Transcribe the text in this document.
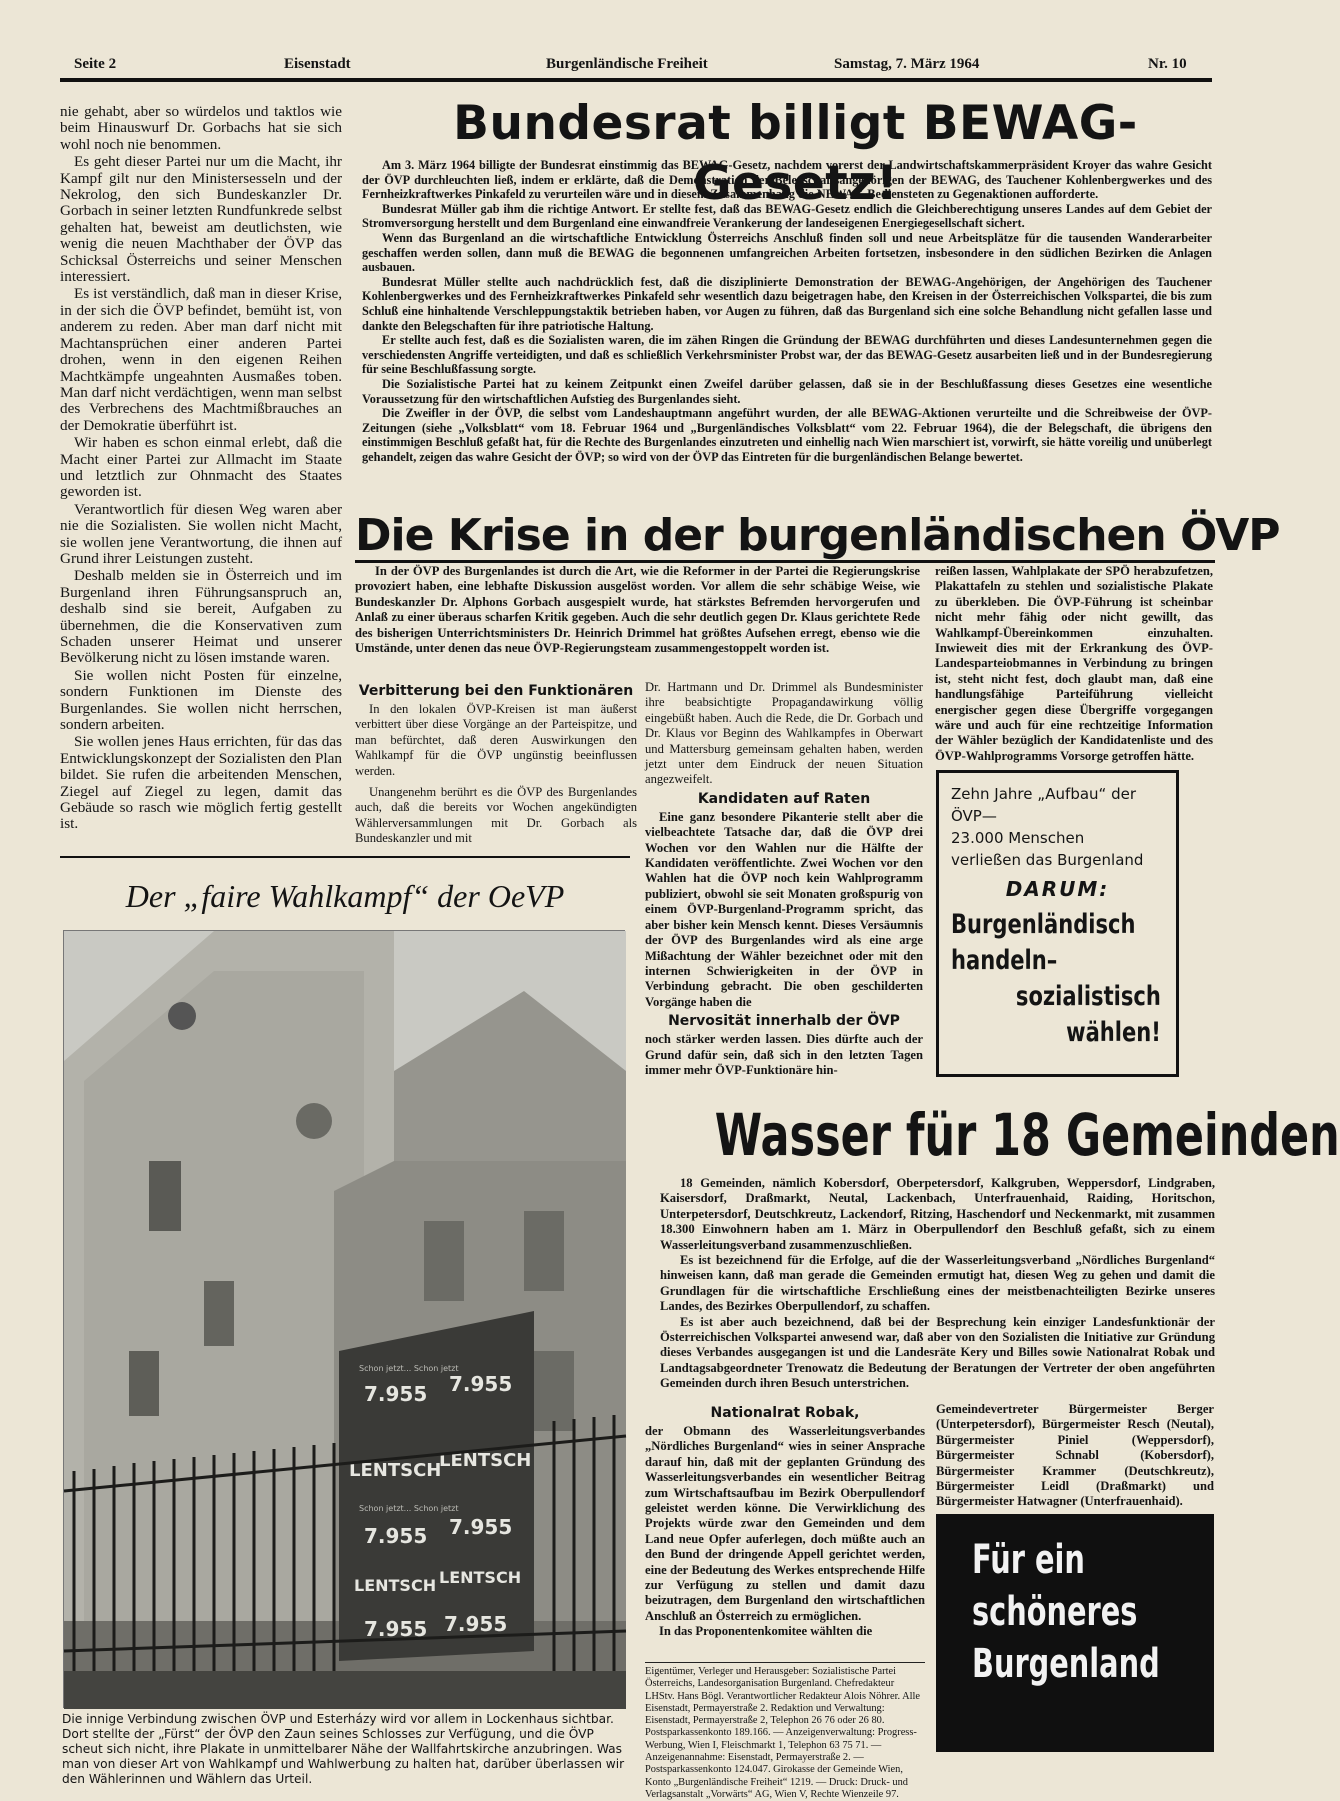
Seite 2	Eisenstadt	Burgenländische Freiheit	Samstag, 7. März 1964	Nr. 10

nie gehabt, aber so würdelos und taktlos wie beim Hinauswurf Dr. Gorbachs hat sie sich wohl noch nie benommen.

Es geht dieser Partei nur um die Macht, ihr Kampf gilt nur den Ministersesseln und der Nekrolog, den sich Bundeskanzler Dr. Gorbach in seiner letzten Rundfunkrede selbst gehalten hat, beweist am deutlichsten, wie wenig die neuen Machthaber der ÖVP das Schicksal Österreichs und seiner Menschen interessiert.

Es ist verständlich, daß man in dieser Krise, in der sich die ÖVP befindet, bemüht ist, von anderem zu reden. Aber man darf nicht mit Machtansprüchen einer anderen Partei drohen, wenn in den eigenen Reihen Machtkämpfe ungeahnten Ausmaßes toben. Man darf nicht verdächtigen, wenn man selbst des Verbrechens des Machtmißbrauches an der Demokratie überführt ist.

Wir haben es schon einmal erlebt, daß die Macht einer Partei zur Allmacht im Staate und letztlich zur Ohnmacht des Staates geworden ist.

Verantwortlich für diesen Weg waren aber nie die Sozialisten. Sie wollen nicht Macht, sie wollen jene Verantwortung, die ihnen auf Grund ihrer Leistungen zusteht.

Deshalb melden sie in Österreich und im Burgenland ihren Führungsanspruch an, deshalb sind sie bereit, Aufgaben zu übernehmen, die die Konservativen zum Schaden unserer Heimat und unserer Bevölkerung nicht zu lösen imstande waren.

Sie wollen nicht Posten für einzelne, sondern Funktionen im Dienste des Burgenlandes. Sie wollen nicht herrschen, sondern arbeiten.

Sie wollen jenes Haus errichten, für das das Entwicklungskonzept der Sozialisten den Plan bildet. Sie rufen die arbeitenden Menschen, Ziegel auf Ziegel zu legen, damit das Gebäude so rasch wie möglich fertig gestellt ist.

Bundesrat billigt BEWAG-Gesetz!

Am 3. März 1964 billigte der Bundesrat einstimmig das BEWAG-Gesetz, nachdem vorerst der Landwirtschaftskammerpräsident Kroyer das wahre Gesicht der ÖVP durchleuchten ließ, indem er erklärte, daß die Demonstration der Belegschaftsangehörigen der BEWAG, des Tauchener Kohlenbergwerkes und des Fernheizkraftwerkes Pinkafeld zu verurteilen wäre und in diesem Zusammenhang die NEWAG-Bediensteten zu Gegenaktionen aufforderte.

Bundesrat Müller gab ihm die richtige Antwort. Er stellte fest, daß das BEWAG-Gesetz endlich die Gleichberechtigung unseres Landes auf dem Gebiet der Stromversorgung herstellt und dem Burgenland eine einwandfreie Verankerung der landeseigenen Energiegesellschaft sichert.

Wenn das Burgenland an die wirtschaftliche Entwicklung Österreichs Anschluß finden soll und neue Arbeitsplätze für die tausenden Wanderarbeiter geschaffen werden sollen, dann muß die BEWAG die begonnenen umfangreichen Arbeiten fortsetzen, insbesondere in den südlichen Bezirken die Anlagen ausbauen.

Bundesrat Müller stellte auch nachdrücklich fest, daß die disziplinierte Demonstration der BEWAG-Angehörigen, der Angehörigen des Tauchener Kohlenbergwerkes und des Fernheizkraftwerkes Pinkafeld sehr wesentlich dazu beigetragen habe, den Kreisen in der Österreichischen Volkspartei, die bis zum Schluß eine hinhaltende Verschleppungstaktik betrieben haben, vor Augen zu führen, daß das Burgenland sich eine solche Behandlung nicht gefallen lasse und dankte den Belegschaften für ihre patriotische Haltung.

Er stellte auch fest, daß es die Sozialisten waren, die im zähen Ringen die Gründung der BEWAG durchführten und dieses Landesunternehmen gegen die verschiedensten Angriffe verteidigten, und daß es schließlich Verkehrsminister Probst war, der das BEWAG-Gesetz ausarbeiten ließ und in der Bundesregierung für seine Beschlußfassung sorgte.

Die Sozialistische Partei hat zu keinem Zeitpunkt einen Zweifel darüber gelassen, daß sie in der Beschlußfassung dieses Gesetzes eine wesentliche Voraussetzung für den wirtschaftlichen Aufstieg des Burgenlandes sieht.

Die Zweifler in der ÖVP, die selbst vom Landeshauptmann angeführt wurden, der alle BEWAG-Aktionen verurteilte und die Schreibweise der ÖVP-Zeitungen (siehe „Volksblatt“ vom 18. Februar 1964 und „Burgenländisches Volksblatt“ vom 22. Februar 1964), die der Belegschaft, die übrigens den einstimmigen Beschluß gefaßt hat, für die Rechte des Burgenlandes einzutreten und einhellig nach Wien marschiert ist, vorwirft, sie hätte voreilig und unüberlegt gehandelt, zeigen das wahre Gesicht der ÖVP; so wird von der ÖVP das Eintreten für die burgenländischen Belange bewertet.

Die Krise in der burgenländischen ÖVP

In der ÖVP des Burgenlandes ist durch die Art, wie die Reformer in der Partei die Regierungskrise provoziert haben, eine lebhafte Diskussion ausgelöst worden. Vor allem die sehr schäbige Weise, wie Bundeskanzler Dr. Alphons Gorbach ausgespielt wurde, hat stärkstes Befremden hervorgerufen und Anlaß zu einer überaus scharfen Kritik gegeben. Auch die sehr deutlich gegen Dr. Klaus gerichtete Rede des bisherigen Unterrichtsministers Dr. Heinrich Drimmel hat größtes Aufsehen erregt, ebenso wie die Umstände, unter denen das neue ÖVP-Regierungsteam zusammengestoppelt worden ist.

Verbitterung bei den Funktionären

In den lokalen ÖVP-Kreisen ist man äußerst verbittert über diese Vorgänge an der Parteispitze, und man befürchtet, daß deren Auswirkungen den Wahlkampf für die ÖVP ungünstig beeinflussen werden.

Unangenehm berührt es die ÖVP des Burgenlandes auch, daß die bereits vor Wochen angekündigten Wählerversammlungen mit Dr. Gorbach als Bundeskanzler und mit

Dr. Hartmann und Dr. Drimmel als Bundesminister ihre beabsichtigte Propagandawirkung völlig eingebüßt haben. Auch die Rede, die Dr. Gorbach und Dr. Klaus vor Beginn des Wahlkampfes in Oberwart und Mattersburg gemeinsam gehalten haben, werden jetzt unter dem Eindruck der neuen Situation angezweifelt.

Kandidaten auf Raten

Eine ganz besondere Pikanterie stellt aber die vielbeachtete Tatsache dar, daß die ÖVP drei Wochen vor den Wahlen nur die Hälfte der Kandidaten veröffentlichte. Zwei Wochen vor den Wahlen hat die ÖVP noch kein Wahlprogramm publiziert, obwohl sie seit Monaten großspurig von einem ÖVP-Burgenland-Programm spricht, das aber bisher kein Mensch kennt. Dieses Versäumnis der ÖVP des Burgenlandes wird als eine arge Mißachtung der Wähler bezeichnet oder mit den internen Schwierigkeiten in der ÖVP in Verbindung gebracht. Die oben geschilderten Vorgänge haben die

Nervosität innerhalb der ÖVP

noch stärker werden lassen. Dies dürfte auch der Grund dafür sein, daß sich in den letzten Tagen immer mehr ÖVP-Funktionäre hin-

reißen lassen, Wahlplakate der SPÖ herabzufetzen, Plakattafeln zu stehlen und sozialistische Plakate zu überkleben. Die ÖVP-Führung ist scheinbar nicht mehr fähig oder nicht gewillt, das Wahlkampf-Übereinkommen einzuhalten. Inwieweit dies mit der Erkrankung des ÖVP-Landesparteiobmannes in Verbindung zu bringen ist, steht nicht fest, doch glaubt man, daß eine handlungsfähige Parteiführung vielleicht energischer gegen diese Übergriffe vorgegangen wäre und auch für eine rechtzeitige Information der Wähler bezüglich der Kandidatenliste und des ÖVP-Wahlprogramms Vorsorge getroffen hätte.

Zehn Jahre „Aufbau“ der ÖVP—
23.000 Menschen
verließen das Burgenland
DARUM:
Burgenländisch
handeln–
sozialistisch
wählen!
Der „faire Wahlkampf“ der OeVP
7.955 7.955
LENTSCH
LENTSCH
7.955 7.955
LENTSCH LENTSCH
7.955 7.955
Schon jetzt... Schon jetzt
Schon jetzt... Schon jetzt
Die innige Verbindung zwischen ÖVP und Esterházy wird vor allem in Lockenhaus sichtbar. Dort stellte der „Fürst“ der ÖVP den Zaun seines Schlosses zur Verfügung, und die ÖVP scheut sich nicht, ihre Plakate in unmittelbarer Nähe der Wallfahrtskirche anzubringen. Was man von dieser Art von Wahlkampf und Wahlwerbung zu halten hat, darüber überlassen wir den Wählerinnen und Wählern das Urteil.
Wasser für 18 Gemeinden

18 Gemeinden, nämlich Kobersdorf, Oberpetersdorf, Kalkgruben, Weppersdorf, Lindgraben, Kaisersdorf, Draßmarkt, Neutal, Lackenbach, Unterfrauenhaid, Raiding, Horitschon, Unterpetersdorf, Deutschkreutz, Lackendorf, Ritzing, Haschendorf und Neckenmarkt, mit zusammen 18.300 Einwohnern haben am 1. März in Oberpullendorf den Beschluß gefaßt, sich zu einem Wasserleitungsverband zusammenzuschließen.

Es ist bezeichnend für die Erfolge, auf die der Wasserleitungsverband „Nördliches Burgenland“ hinweisen kann, daß man gerade die Gemeinden ermutigt hat, diesen Weg zu gehen und damit die Grundlagen für die wirtschaftliche Erschließung eines der meistbenachteiligten Bezirke unseres Landes, des Bezirkes Oberpullendorf, zu schaffen.

Es ist aber auch bezeichnend, daß bei der Besprechung kein einziger Landesfunktionär der Österreichischen Volkspartei anwesend war, daß aber von den Sozialisten die Initiative zur Gründung dieses Verbandes ausgegangen ist und die Landesräte Kery und Billes sowie Nationalrat Robak und Landtagsabgeordneter Trenowatz die Bedeutung der Beratungen der Vertreter der oben angeführten Gemeinden durch ihren Besuch unterstrichen.

Nationalrat Robak,

der Obmann des Wasserleitungsverbandes „Nördliches Burgenland“ wies in seiner Ansprache darauf hin, daß mit der geplanten Gründung des Wasserleitungsverbandes ein wesentlicher Beitrag zum Wirtschaftsaufbau im Bezirk Oberpullendorf geleistet werden könne. Die Verwirklichung des Projekts würde zwar den Gemeinden und dem Land neue Opfer auferlegen, doch müßte auch an den Bund der dringende Appell gerichtet werden, eine der Bedeutung des Werkes entsprechende Hilfe zur Verfügung zu stellen und damit dazu beizutragen, dem Burgenland den wirtschaftlichen Anschluß an Österreich zu ermöglichen.

In das Proponentenkomitee wählten die

Gemeindevertreter Bürgermeister Berger (Unterpetersdorf), Bürgermeister Resch (Neutal), Bürgermeister Piniel (Weppersdorf), Bürgermeister Schnabl (Kobersdorf), Bürgermeister Krammer (Deutschkreutz), Bürgermeister Leidl (Draßmarkt) und Bürgermeister Hatwagner (Unterfrauenhaid).

Eigentümer, Verleger und Herausgeber: Sozialistische Partei Österreichs, Landesorganisation Burgenland. Chefredakteur LHStv. Hans Bögl. Verantwortlicher Redakteur Alois Nöhrer. Alle Eisenstadt, Permayerstraße 2. Redaktion und Verwaltung: Eisenstadt, Permayerstraße 2, Telephon 26 76 oder 26 80. Postsparkassenkonto 189.166. — Anzeigenverwaltung: Progress-Werbung, Wien I, Fleischmarkt 1, Telephon 63 75 71. — Anzeigenannahme: Eisenstadt, Permayerstraße 2. — Postsparkassenkonto 124.047. Girokasse der Gemeinde Wien, Konto „Burgenländische Freiheit“ 1219. — Druck: Druck- und Verlagsanstalt „Vorwärts“ AG, Wien V, Rechte Wienzeile 97.
Für ein
schöneres
Burgenland
